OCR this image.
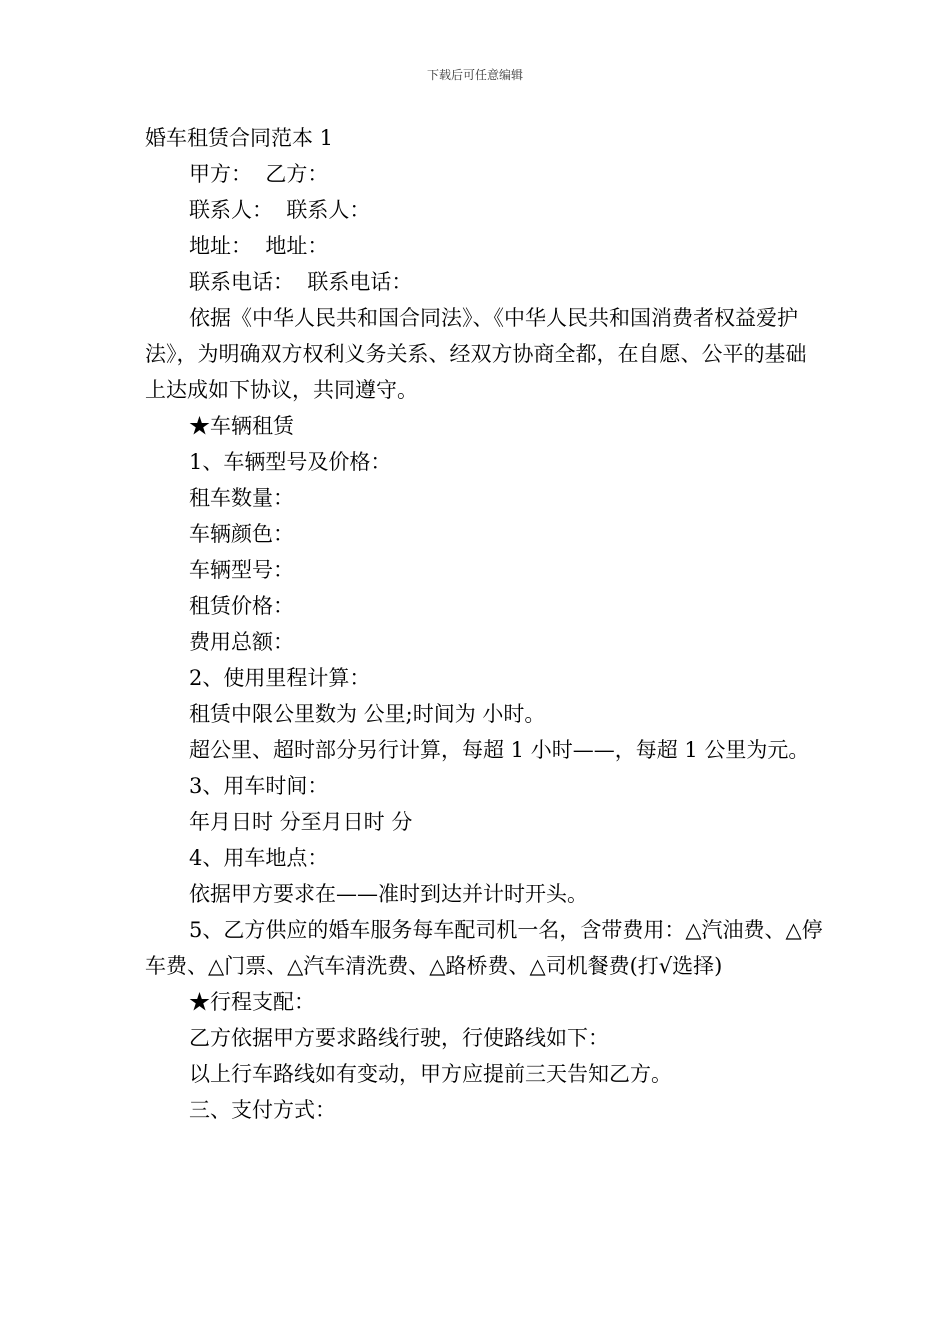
下载后可任意编辑

婚车租赁合同范本 1

甲方：  乙方：

联系人：  联系人：

地址：  地址：

联系电话：  联系电话：

依据《中华人民共和国合同法》、《中华人民共和国消费者权益爱护法》，为明确双方权利义务关系、经双方协商全都，在自愿、公平的基础上达成如下协议，共同遵守。

★车辆租赁

1、车辆型号及价格：

租车数量：

车辆颜色：

车辆型号：

租赁价格：

费用总额：

2、使用里程计算：

租赁中限公里数为 公里;时间为 小时。

超公里、超时部分另行计算，每超 1 小时——，每超 1 公里为元。

3、用车时间：

年月日时 分至月日时 分

4、用车地点：

依据甲方要求在——准时到达并计时开头。

5、乙方供应的婚车服务每车配司机一名，含带费用：△汽油费、△停车费、△门票、△汽车清洗费、△路桥费、△司机餐费(打√选择)

★行程支配：

乙方依据甲方要求路线行驶，行使路线如下：

以上行车路线如有变动，甲方应提前三天告知乙方。

三、支付方式：
